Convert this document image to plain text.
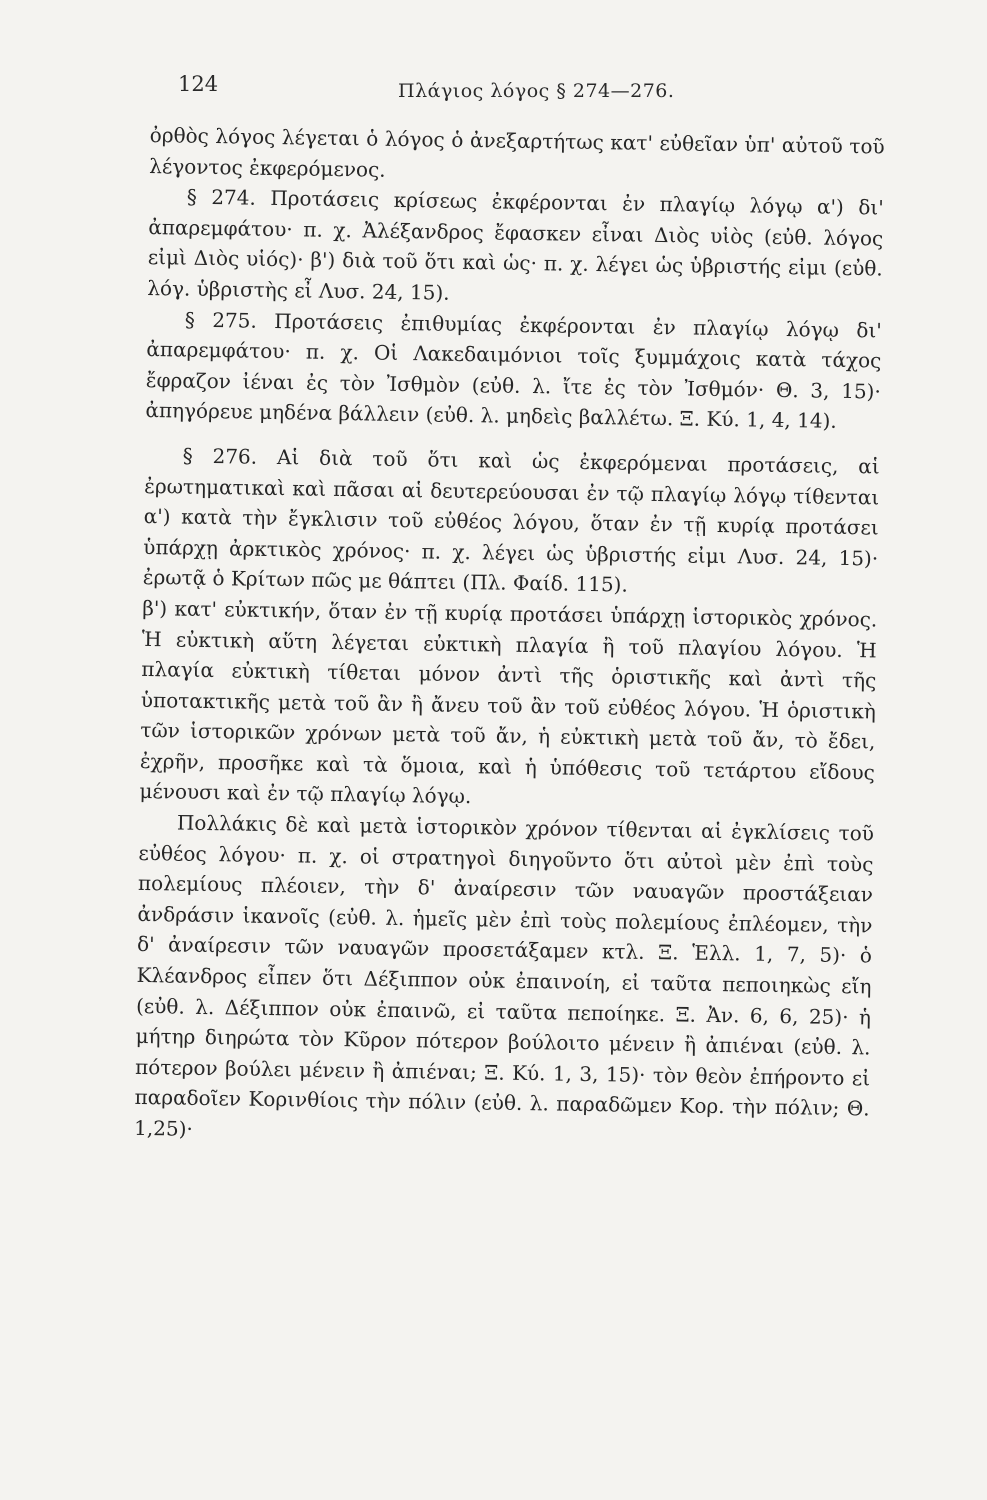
124	Πλάγιος λόγος § 274—276.

ὀρθὸς λόγος λέγεται ὁ λόγος ὁ ἀνεξαρτήτως κατ' εὐθεῖαν ὑπ' αὐτοῦ τοῦ λέγοντος ἐκφερόμενος.

§ 274. Προτάσεις κρίσεως ἐκφέρονται ἐν πλαγίῳ λόγῳ α') δι' ἀπαρεμφάτου· π. χ. Ἀλέξανδρος ἔφασκεν εἶναι Διὸς υἱὸς (εὐθ. λόγος εἰμὶ Διὸς υἱός)· β') διὰ τοῦ ὅτι καὶ ὡς· π. χ. λέγει ὡς ὑβριστής εἰμι (εὐθ. λόγ. ὑβριστὴς εἶ Λυσ. 24, 15).

§ 275. Προτάσεις ἐπιθυμίας ἐκφέρονται ἐν πλαγίῳ λόγῳ δι' ἀπαρεμφάτου· π. χ. Οἱ Λακεδαιμόνιοι τοῖς ξυμμάχοις κατὰ τάχος ἔφραζον ἰέναι ἐς τὸν Ἰσθμὸν (εὐθ. λ. ἴτε ἐς τὸν Ἰσθμόν· Θ. 3, 15)· ἀπηγόρευε μηδένα βάλλειν (εὐθ. λ. μηδεὶς βαλλέτω. Ξ. Κύ. 1, 4, 14).

§ 276. Αἱ διὰ τοῦ ὅτι καὶ ὡς ἐκφερόμεναι προτάσεις, αἱ ἐρωτηματικαὶ καὶ πᾶσαι αἱ δευτερεύουσαι ἐν τῷ πλαγίῳ λόγῳ τίθενται α') κατὰ τὴν ἔγκλισιν τοῦ εὐθέος λόγου, ὅταν ἐν τῇ κυρίᾳ προτάσει ὑπάρχῃ ἀρκτικὸς χρόνος· π. χ. λέγει ὡς ὑβριστής εἰμι Λυσ. 24, 15)· ἐρωτᾷ ὁ Κρίτων πῶς με θάπτει (Πλ. Φαίδ. 115).

β') κατ' εὐκτικήν, ὅταν ἐν τῇ κυρίᾳ προτάσει ὑπάρχῃ ἱστορικὸς χρόνος. Ἡ εὐκτικὴ αὕτη λέγεται εὐκτικὴ πλαγία ἢ τοῦ πλαγίου λόγου. Ἡ πλαγία εὐκτικὴ τίθεται μόνον ἀντὶ τῆς ὁριστικῆς καὶ ἀντὶ τῆς ὑποτακτικῆς μετὰ τοῦ ἂν ἢ ἄνευ τοῦ ἂν τοῦ εὐθέος λόγου. Ἡ ὁριστικὴ τῶν ἱστορικῶν χρόνων μετὰ τοῦ ἄν, ἡ εὐκτικὴ μετὰ τοῦ ἄν, τὸ ἔδει, ἐχρῆν, προσῆκε καὶ τὰ ὅμοια, καὶ ἡ ὑπόθεσις τοῦ τετάρτου εἴδους μένουσι καὶ ἐν τῷ πλαγίῳ λόγῳ.

Πολλάκις δὲ καὶ μετὰ ἱστορικὸν χρόνον τίθενται αἱ ἐγκλίσεις τοῦ εὐθέος λόγου· π. χ. οἱ στρατηγοὶ διηγοῦντο ὅτι αὐτοὶ μὲν ἐπὶ τοὺς πολεμίους πλέοιεν, τὴν δ' ἀναίρεσιν τῶν ναυαγῶν προστάξειαν ἀνδράσιν ἱκανοῖς (εὐθ. λ. ἡμεῖς μὲν ἐπὶ τοὺς πολεμίους ἐπλέομεν, τὴν δ' ἀναίρεσιν τῶν ναυαγῶν προσετάξαμεν κτλ. Ξ. Ἑλλ. 1, 7, 5)· ὁ Κλέανδρος εἶπεν ὅτι Δέξιππον οὐκ ἐπαινοίη, εἰ ταῦτα πεποιηκὼς εἴη (εὐθ. λ. Δέξιππον οὐκ ἐπαινῶ, εἰ ταῦτα πεποίηκε. Ξ. Ἀν. 6, 6, 25)· ἡ μήτηρ διηρώτα τὸν Κῦρον πότερον βούλοιτο μένειν ἢ ἀπιέναι (εὐθ. λ. πότερον βούλει μένειν ἢ ἀπιέναι; Ξ. Κύ. 1, 3, 15)· τὸν θεὸν ἐπήροντο εἰ παραδοῖεν Κορινθίοις τὴν πόλιν (εὐθ. λ. παραδῶμεν Κορ. τὴν πόλιν; Θ. 1,25)·
